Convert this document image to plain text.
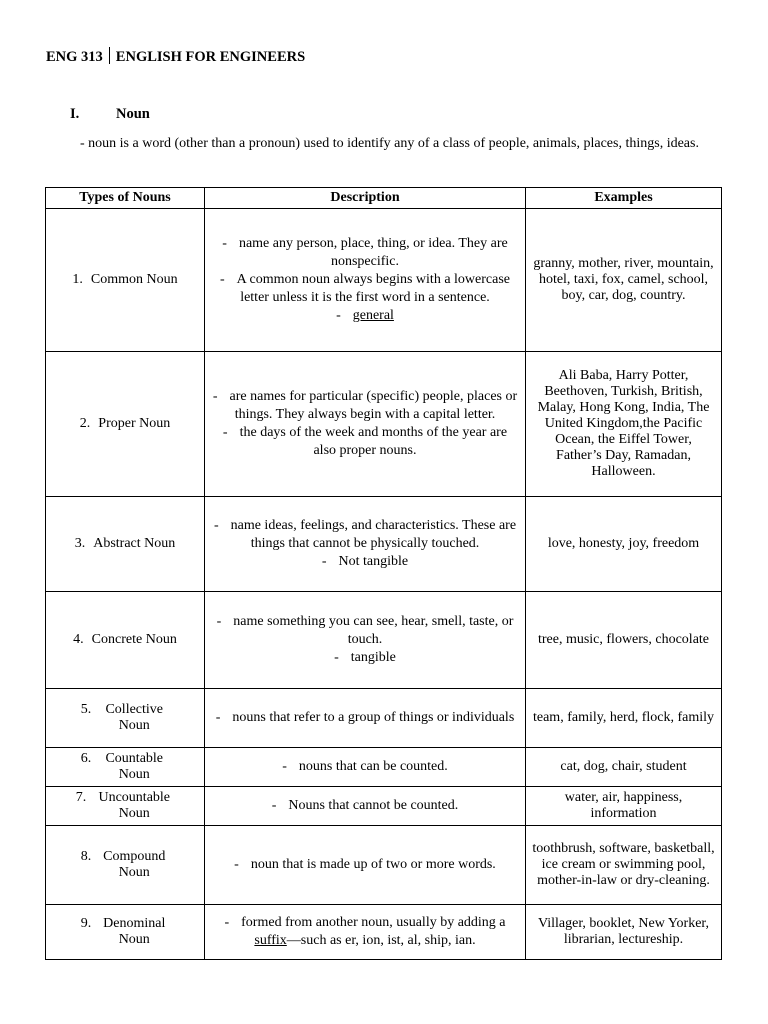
ENG 313 ENGLISH FOR ENGINEERS
I.	Noun
- noun is a word (other than a pronoun) used to identify any of a class of people, animals, places, things, ideas.
Types of Nouns	Description	Examples

1. Common Noun	- name any person, place, thing, or idea. They are nonspecific.
- A common noun always begins with a lowercase letter unless it is the first word in a sentence.
- general	granny, mother, river, mountain, hotel, taxi, fox, camel, school, boy, car, dog, country.

2. Proper Noun	- are names for particular (specific) people, places or things. They always begin with a capital letter.
- the days of the week and months of the year are also proper nouns.	Ali Baba, Harry Potter, Beethoven, Turkish, British, Malay, Hong Kong, India, The United Kingdom,the Pacific Ocean, the Eiffel Tower, Father’s Day, Ramadan, Halloween.

3. Abstract Noun	- name ideas, feelings, and characteristics. These are things that cannot be physically touched.
- Not tangible	love, honesty, joy, freedom

4. Concrete Noun	- name something you can see, hear, smell, taste, or touch.
- tangible	tree, music, flowers, chocolate

5. Collective Noun	- nouns that refer to a group of things or individuals	team, family, herd, flock, family

6. Countable Noun	- nouns that can be counted.	cat, dog, chair, student

7. Uncountable Noun	- Nouns that cannot be counted.	water, air, happiness, information

8. Compound Noun	- noun that is made up of two or more words.	toothbrush, software, basketball, ice cream or swimming pool, mother-in-law or dry-cleaning.

9. Denominal Noun	- formed from another noun, usually by adding a suffix—such as er, ion, ist, al, ship, ian.	Villager, booklet, New Yorker, librarian, lectureship.
